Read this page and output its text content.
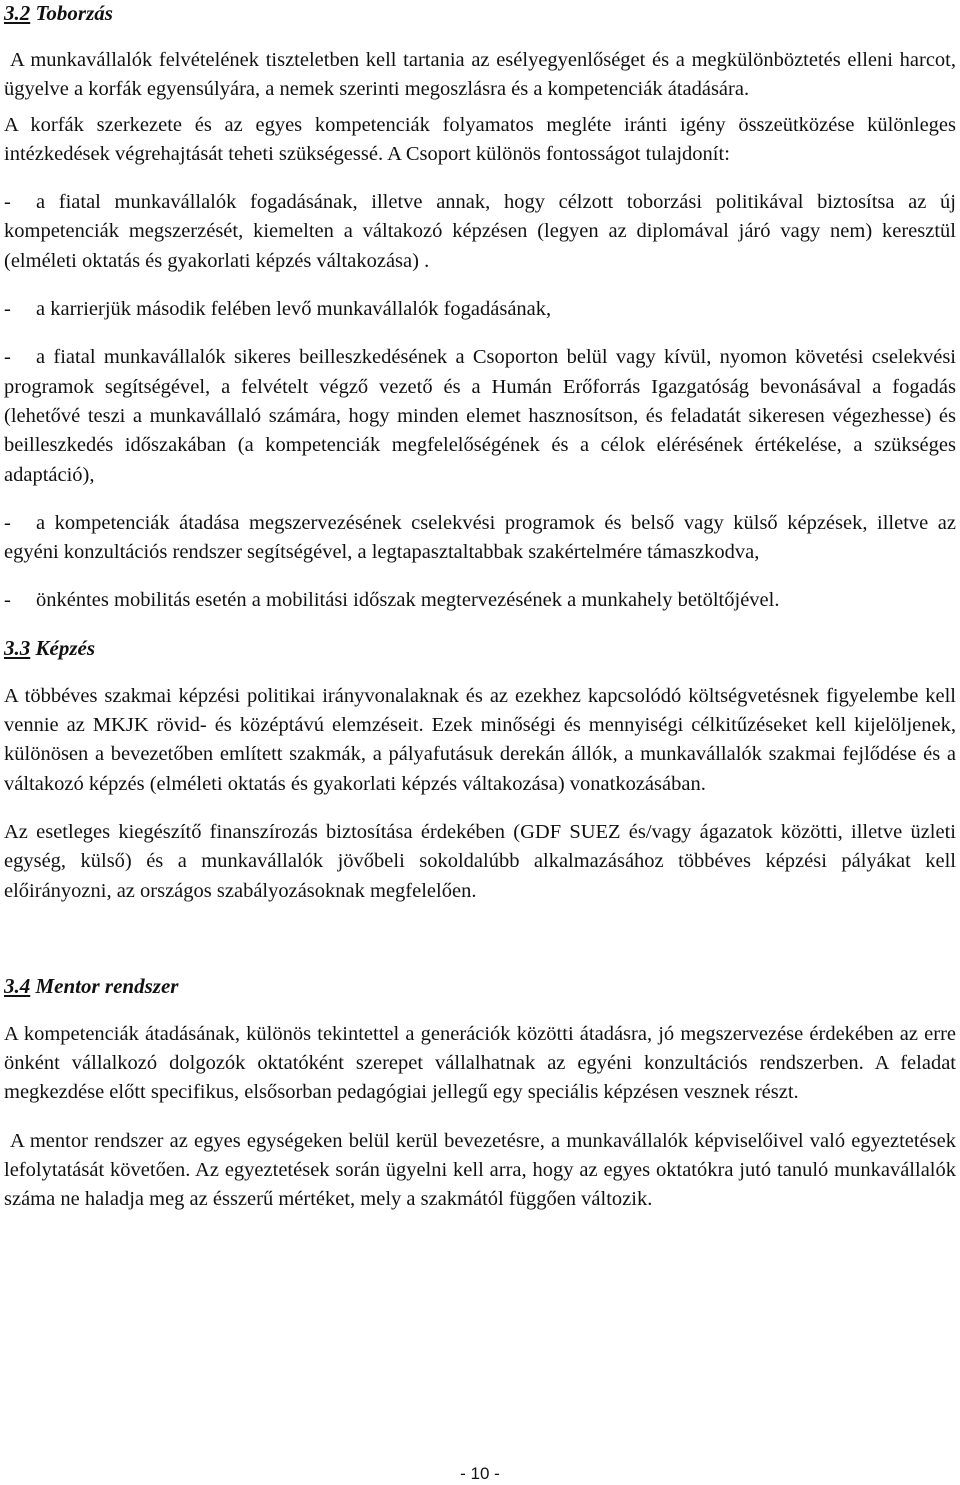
3.2 Toborzás

A munkavállalók felvételének tiszteletben kell tartania az esélyegyenlőséget és a megkülönböztetés elleni harcot, ügyelve a korfák egyensúlyára, a nemek szerinti megoszlásra és a kompetenciák átadására.

A korfák szerkezete és az egyes kompetenciák folyamatos megléte iránti igény összeütközése különleges intézkedések végrehajtását teheti szükségessé. A Csoport különös fontosságot tulajdonít:

- a fiatal munkavállalók fogadásának, illetve annak, hogy célzott toborzási politikával biztosítsa az új kompetenciák megszerzését, kiemelten a váltakozó képzésen (legyen az diplomával járó vagy nem) keresztül (elméleti oktatás és gyakorlati képzés váltakozása) .

- a karrierjük második felében levő munkavállalók fogadásának,

- a fiatal munkavállalók sikeres beilleszkedésének a Csoporton belül vagy kívül, nyomon követési cselekvési programok segítségével, a felvételt végző vezető és a Humán Erőforrás Igazgatóság bevonásával a fogadás (lehetővé teszi a munkavállaló számára, hogy minden elemet hasznosítson, és feladatát sikeresen végezhesse) és beilleszkedés időszakában (a kompetenciák megfelelőségének és a célok elérésének értékelése, a szükséges adaptáció),

- a kompetenciák átadása megszervezésének cselekvési programok és belső vagy külső képzések, illetve az egyéni konzultációs rendszer segítségével, a legtapasztaltabbak szakértelmére támaszkodva,

- önkéntes mobilitás esetén a mobilitási időszak megtervezésének a munkahely betöltőjével.

3.3 Képzés

A többéves szakmai képzési politikai irányvonalaknak és az ezekhez kapcsolódó költségvetésnek figyelembe kell vennie az MKJK rövid- és középtávú elemzéseit. Ezek minőségi és mennyiségi célkitűzéseket kell kijelöljenek, különösen a bevezetőben említett szakmák, a pályafutásuk derekán állók, a munkavállalók szakmai fejlődése és a váltakozó képzés (elméleti oktatás és gyakorlati képzés váltakozása) vonatkozásában.

Az esetleges kiegészítő finanszírozás biztosítása érdekében (GDF SUEZ és/vagy ágazatok közötti, illetve üzleti egység, külső) és a munkavállalók jövőbeli sokoldalúbb alkalmazásához többéves képzési pályákat kell előirányozni, az országos szabályozásoknak megfelelően.

3.4 Mentor rendszer

A kompetenciák átadásának, különös tekintettel a generációk közötti átadásra, jó megszervezése érdekében az erre önként vállalkozó dolgozók oktatóként szerepet vállalhatnak az egyéni konzultációs rendszerben. A feladat megkezdése előtt specifikus, elsősorban pedagógiai jellegű egy speciális képzésen vesznek részt.

A mentor rendszer az egyes egységeken belül kerül bevezetésre, a munkavállalók képviselőivel való egyeztetések lefolytatását követően. Az egyeztetések során ügyelni kell arra, hogy az egyes oktatókra jutó tanuló munkavállalók száma ne haladja meg az ésszerű mértéket, mely a szakmától függően változik.

- 10 -
